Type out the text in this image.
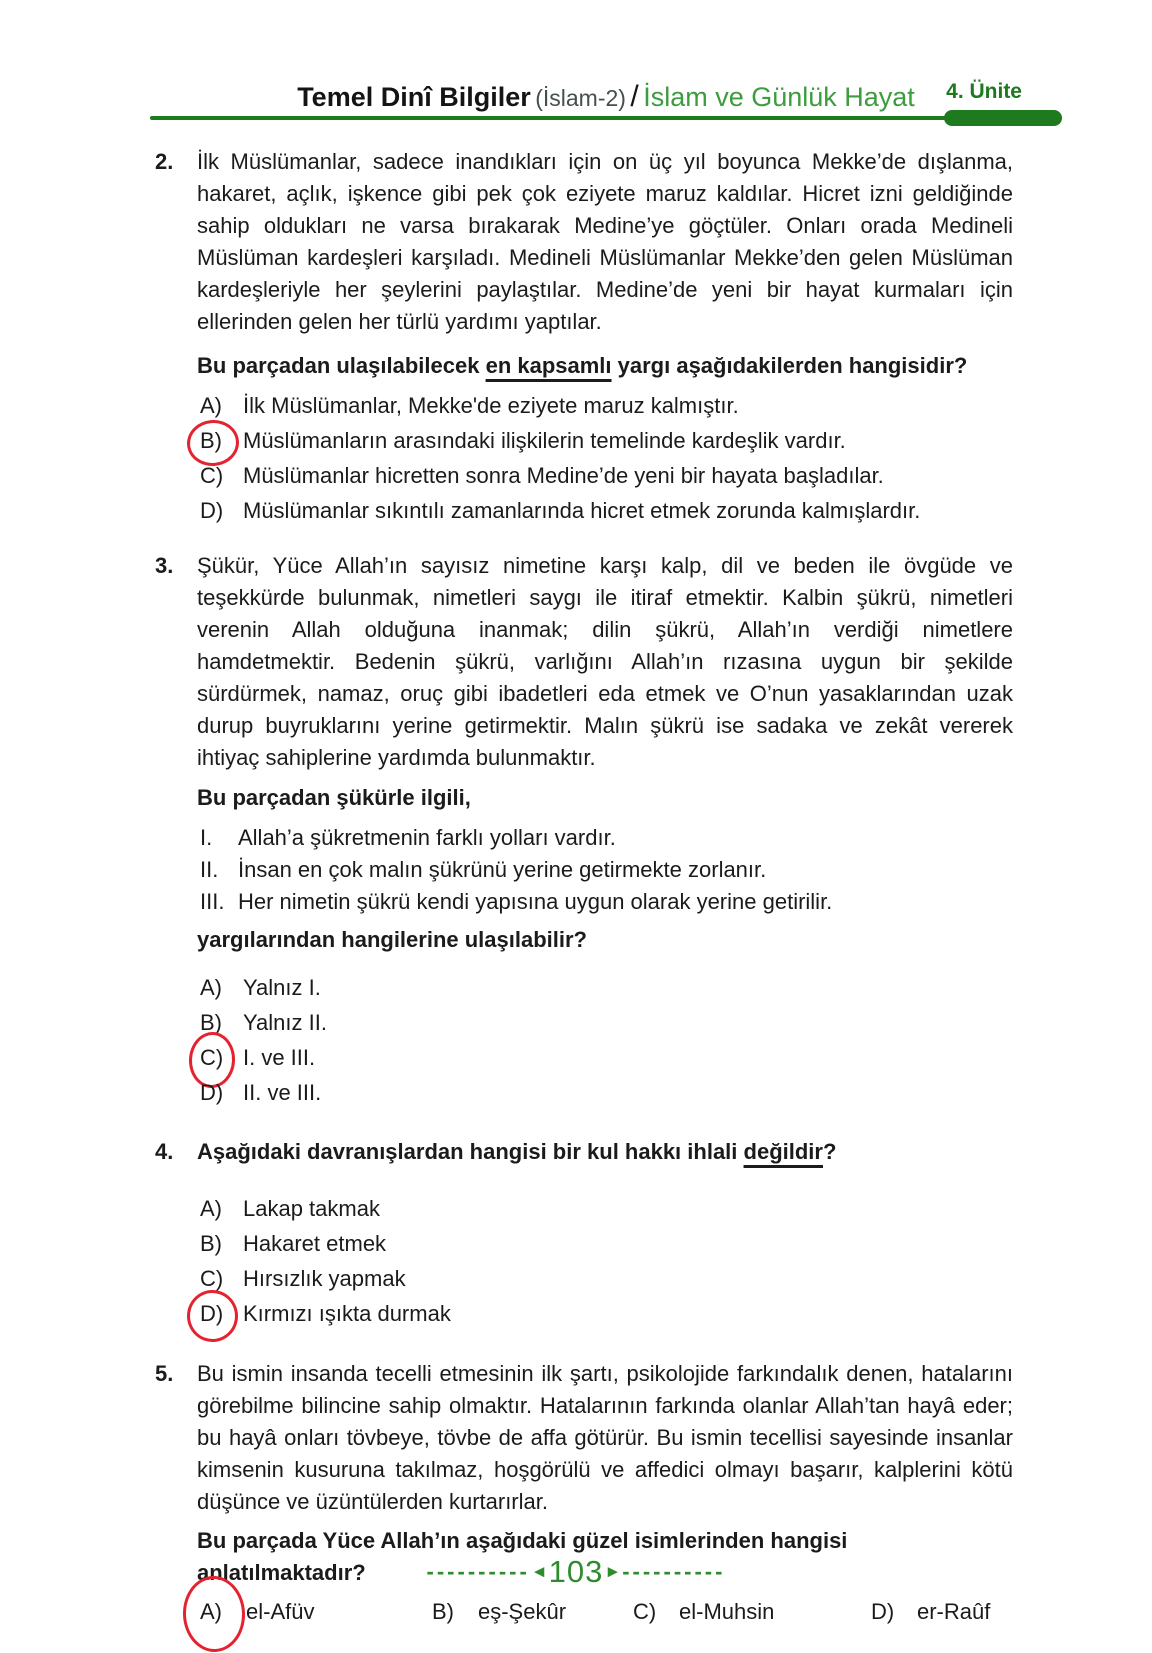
Temel Dinî Bilgiler (İslam-2) / İslam ve Günlük Hayat	4. Ünite
2.	İlk Müslümanlar, sadece inandıkları için on üç yıl boyunca Mekke’de dışlanma, hakaret, açlık, işkence gibi pek çok eziyete maruz kaldılar. Hicret izni geldiğinde sahip oldukları ne varsa bırakarak Medine’ye göçtüler. Onları orada Medineli Müslüman kardeşleri karşıladı. Medineli Müslümanlar Mekke’den gelen Müslüman kardeşleriyle her şeylerini paylaştılar. Medine’de yeni bir hayat kurmaları için ellerinden gelen her türlü yardımı yaptılar.

Bu parçadan ulaşılabilecek en kapsamlı yargı aşağıdakilerden hangisidir?
A) İlk Müslümanlar, Mekke'de eziyete maruz kalmıştır.
B) Müslümanların arasındaki ilişkilerin temelinde kardeşlik vardır.
C) Müslümanlar hicretten sonra Medine’de yeni bir hayata başladılar.
D) Müslümanlar sıkıntılı zamanlarında hicret etmek zorunda kalmışlardır.
3.	Şükür, Yüce Allah’ın sayısız nimetine karşı kalp, dil ve beden ile övgüde ve teşekkürde bulunmak, nimetleri saygı ile itiraf etmektir. Kalbin şükrü, nimetleri verenin Allah olduğuna inanmak; dilin şükrü, Allah’ın verdiği nimetlere hamdetmektir. Bedenin şükrü, varlığını Allah’ın rızasına uygun bir şekilde sürdürmek, namaz, oruç gibi ibadetleri eda etmek ve O’nun yasaklarından uzak durup buyruklarını yerine getirmektir. Malın şükrü ise sadaka ve zekât vererek ihtiyaç sahiplerine yardımda bulunmaktır.

Bu parçadan şükürle ilgili,
I.	Allah’a şükretmenin farklı yolları vardır.
II. İnsan en çok malın şükrünü yerine getirmekte zorlanır.
III. Her nimetin şükrü kendi yapısına uygun olarak yerine getirilir.
yargılarından hangilerine ulaşılabilir?
A) Yalnız I.
B) Yalnız II.
C) I. ve III.
D) II. ve III.
4.	Aşağıdaki davranışlardan hangisi bir kul hakkı ihlali değildir?
A) Lakap takmak
B) Hakaret etmek
C) Hırsızlık yapmak
D) Kırmızı ışıkta durmak
5.	Bu ismin insanda tecelli etmesinin ilk şartı, psikolojide farkındalık denen, hatalarını görebilme bilincine sahip olmaktır. Hatalarının farkında olanlar Allah’tan hayâ eder; bu hayâ onları tövbeye, tövbe de affa götürür. Bu ismin tecellisi sayesinde insanlar kimsenin kusuruna takılmaz, hoşgörülü ve affedici olmayı başarır, kalplerini kötü düşünce ve üzüntülerden kurtarırlar.

Bu parçada Yüce Allah’ın aşağıdaki güzel isimlerinden hangisi anlatılmaktadır?
A)	el-Afüv	B)	eş-Şekûr	C)	el-Muhsin	D)	er-Raûf
---------- ◄ 103 ► ----------
